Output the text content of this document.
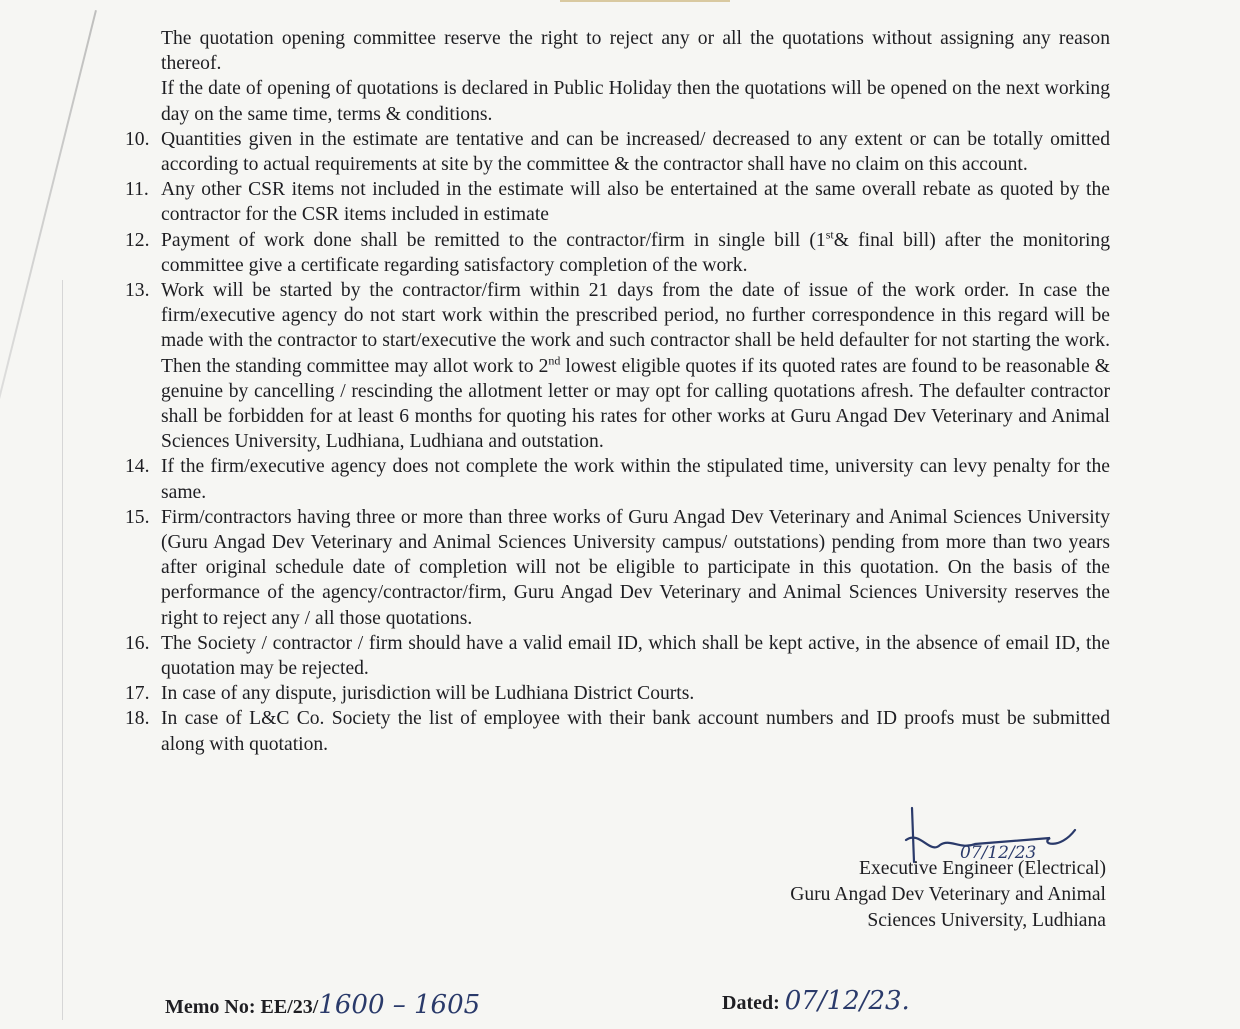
The quotation opening committee reserve the right to reject any or all the quotations without assigning any reason thereof.
If the date of opening of quotations is declared in Public Holiday then the quotations will be opened on the next working day on the same time, terms & conditions.
10. Quantities given in the estimate are tentative and can be increased/ decreased to any extent or can be totally omitted according to actual requirements at site by the committee & the contractor shall have no claim on this account.
11. Any other CSR items not included in the estimate will also be entertained at the same overall rebate as quoted by the contractor for the CSR items included in estimate
12. Payment of work done shall be remitted to the contractor/firm in single bill (1st& final bill) after the monitoring committee give a certificate regarding satisfactory completion of the work.
13. Work will be started by the contractor/firm within 21 days from the date of issue of the work order. In case the firm/executive agency do not start work within the prescribed period, no further correspondence in this regard will be made with the contractor to start/executive the work and such contractor shall be held defaulter for not starting the work. Then the standing committee may allot work to 2nd lowest eligible quotes if its quoted rates are found to be reasonable & genuine by cancelling / rescinding the allotment letter or may opt for calling quotations afresh. The defaulter contractor shall be forbidden for at least 6 months for quoting his rates for other works at Guru Angad Dev Veterinary and Animal Sciences University, Ludhiana, Ludhiana and outstation.
14. If the firm/executive agency does not complete the work within the stipulated time, university can levy penalty for the same.
15. Firm/contractors having three or more than three works of Guru Angad Dev Veterinary and Animal Sciences University (Guru Angad Dev Veterinary and Animal Sciences University campus/ outstations) pending from more than two years after original schedule date of completion will not be eligible to participate in this quotation. On the basis of the performance of the agency/contractor/firm, Guru Angad Dev Veterinary and Animal Sciences University reserves the right to reject any / all those quotations.
16. The Society / contractor / firm should have a valid email ID, which shall be kept active, in the absence of email ID, the quotation may be rejected.
17. In case of any dispute, jurisdiction will be Ludhiana District Courts.
18. In case of L&C Co. Society the list of employee with their bank account numbers and ID proofs must be submitted along with quotation.
07/12/23
Executive Engineer (Electrical)
Guru Angad Dev Veterinary and Animal
Sciences University, Ludhiana
Memo No: EE/23/1600 – 1605	Dated: 07/12/23.
